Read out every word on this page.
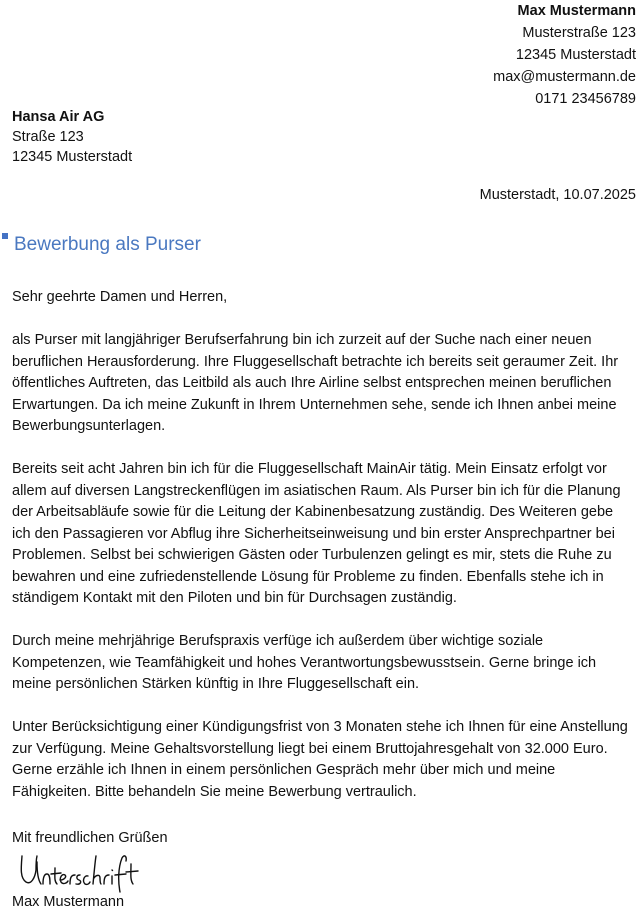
Max Mustermann
Musterstraße 123
12345 Musterstadt
max@mustermann.de
0171 23456789
Hansa Air AG
Straße 123
12345 Musterstadt
Musterstadt, 10.07.2025
Bewerbung als Purser

Sehr geehrte Damen und Herren,

als Purser mit langjähriger Berufserfahrung bin ich zurzeit auf der Suche nach einer neuen beruflichen Herausforderung. Ihre Fluggesellschaft betrachte ich bereits seit geraumer Zeit. Ihr öffentliches Auftreten, das Leitbild als auch Ihre Airline selbst entsprechen meinen beruflichen Erwartungen. Da ich meine Zukunft in Ihrem Unternehmen sehe, sende ich Ihnen anbei meine Bewerbungsunterlagen.

Bereits seit acht Jahren bin ich für die Fluggesellschaft MainAir tätig. Mein Einsatz erfolgt vor allem auf diversen Langstreckenflügen im asiatischen Raum. Als Purser bin ich für die Planung der Arbeitsabläufe sowie für die Leitung der Kabinenbesatzung zuständig. Des Weiteren gebe ich den Passagieren vor Abflug ihre Sicherheitseinweisung und bin erster Ansprechpartner bei Problemen. Selbst bei schwierigen Gästen oder Turbulenzen gelingt es mir, stets die Ruhe zu bewahren und eine zufriedenstellende Lösung für Probleme zu finden. Ebenfalls stehe ich in ständigem Kontakt mit den Piloten und bin für Durchsagen zuständig.

Durch meine mehrjährige Berufspraxis verfüge ich außerdem über wichtige soziale Kompetenzen, wie Teamfähigkeit und hohes Verantwortungsbewusstsein. Gerne bringe ich meine persönlichen Stärken künftig in Ihre Fluggesellschaft ein.

Unter Berücksichtigung einer Kündigungsfrist von 3 Monaten stehe ich Ihnen für eine Anstellung zur Verfügung. Meine Gehaltsvorstellung liegt bei einem Bruttojahresgehalt von 32.000 Euro. Gerne erzähle ich Ihnen in einem persönlichen Gespräch mehr über mich und meine Fähigkeiten. Bitte behandeln Sie meine Bewerbung vertraulich.

Mit freundlichen Grüßen
Max Mustermann
